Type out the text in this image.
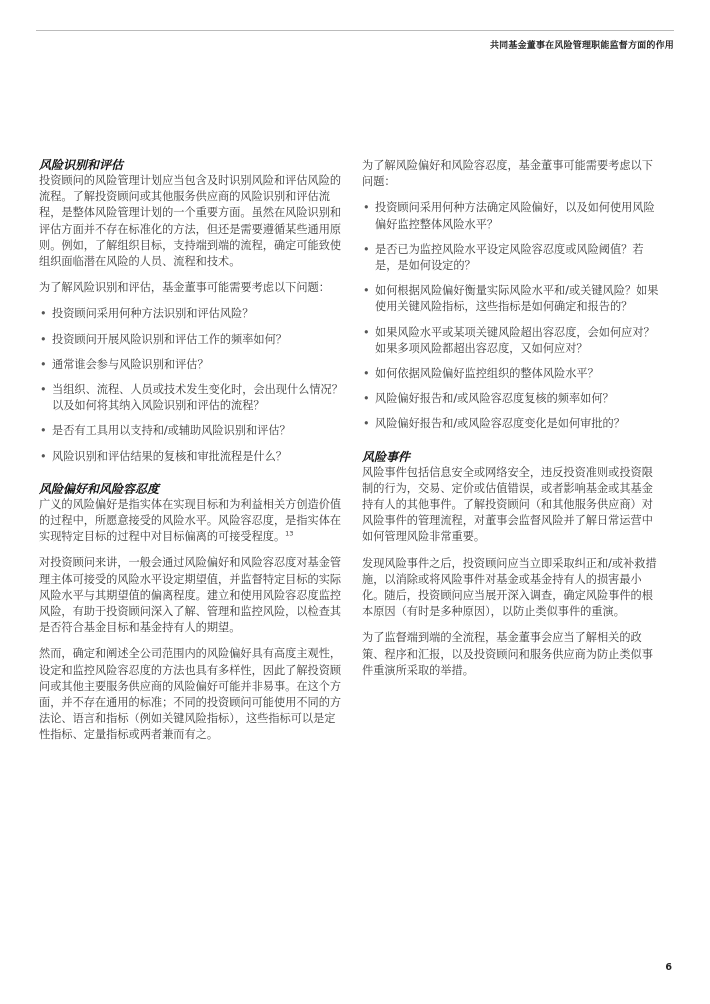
共同基金董事在风险管理职能监督方面的作用
风险识别和评估

投资顾问的风险管理计划应当包含及时识别风险和评估风险的流程。了解投资顾问或其他服务供应商的风险识别和评估流程，是整体风险管理计划的一个重要方面。虽然在风险识别和评估方面并不存在标准化的方法，但还是需要遵循某些通用原则。例如，了解组织目标，支持端到端的流程，确定可能致使组织面临潜在风险的人员、流程和技术。

为了解风险识别和评估，基金董事可能需要考虑以下问题：

• 投资顾问采用何种方法识别和评估风险？
• 投资顾问开展风险识别和评估工作的频率如何？
• 通常谁会参与风险识别和评估？
• 当组织、流程、人员或技术发生变化时，会出现什么情况？以及如何将其纳入风险识别和评估的流程？
• 是否有工具用以支持和/或辅助风险识别和评估？
• 风险识别和评估结果的复核和审批流程是什么？
风险偏好和风险容忍度

广义的风险偏好是指实体在实现目标和为利益相关方创造价值的过程中，所愿意接受的风险水平。风险容忍度，是指实体在实现特定目标的过程中对目标偏离的可接受程度。$^{13}$

对投资顾问来讲，一般会通过风险偏好和风险容忍度对基金管理主体可接受的风险水平设定期望值，并监督特定目标的实际风险水平与其期望值的偏离程度。建立和使用风险容忍度监控风险，有助于投资顾问深入了解、管理和监控风险，以检查其是否符合基金目标和基金持有人的期望。

然而，确定和阐述全公司范围内的风险偏好具有高度主观性，设定和监控风险容忍度的方法也具有多样性，因此了解投资顾问或其他主要服务供应商的风险偏好可能并非易事。在这个方面，并不存在通用的标准；不同的投资顾问可能使用不同的方法论、语言和指标（例如关键风险指标），这些指标可以是定性指标、定量指标或两者兼而有之。

为了解风险偏好和风险容忍度，基金董事可能需要考虑以下问题：

• 投资顾问采用何种方法确定风险偏好，以及如何使用风险偏好监控整体风险水平？
• 是否已为监控风险水平设定风险容忍度或风险阈值？若是，是如何设定的？
• 如何根据风险偏好衡量实际风险水平和/或关键风险？如果使用关键风险指标，这些指标是如何确定和报告的？
• 如果风险水平或某项关键风险超出容忍度，会如何应对？如果多项风险都超出容忍度，又如何应对？
• 如何依据风险偏好监控组织的整体风险水平？
• 风险偏好报告和/或风险容忍度复核的频率如何？
• 风险偏好报告和/或风险容忍度变化是如何审批的？
风险事件

风险事件包括信息安全或网络安全，违反投资准则或投资限制的行为，交易、定价或估值错误，或者影响基金或其基金持有人的其他事件。了解投资顾问（和其他服务供应商）对风险事件的管理流程，对董事会监督风险并了解日常运营中如何管理风险非常重要。

发现风险事件之后，投资顾问应当立即采取纠正和/或补救措施，以消除或将风险事件对基金或基金持有人的损害最小化。随后，投资顾问应当展开深入调查，确定风险事件的根本原因（有时是多种原因），以防止类似事件的重演。

为了监督端到端的全流程，基金董事会应当了解相关的政策、程序和汇报，以及投资顾问和服务供应商为防止类似事件重演所采取的举措。

6
